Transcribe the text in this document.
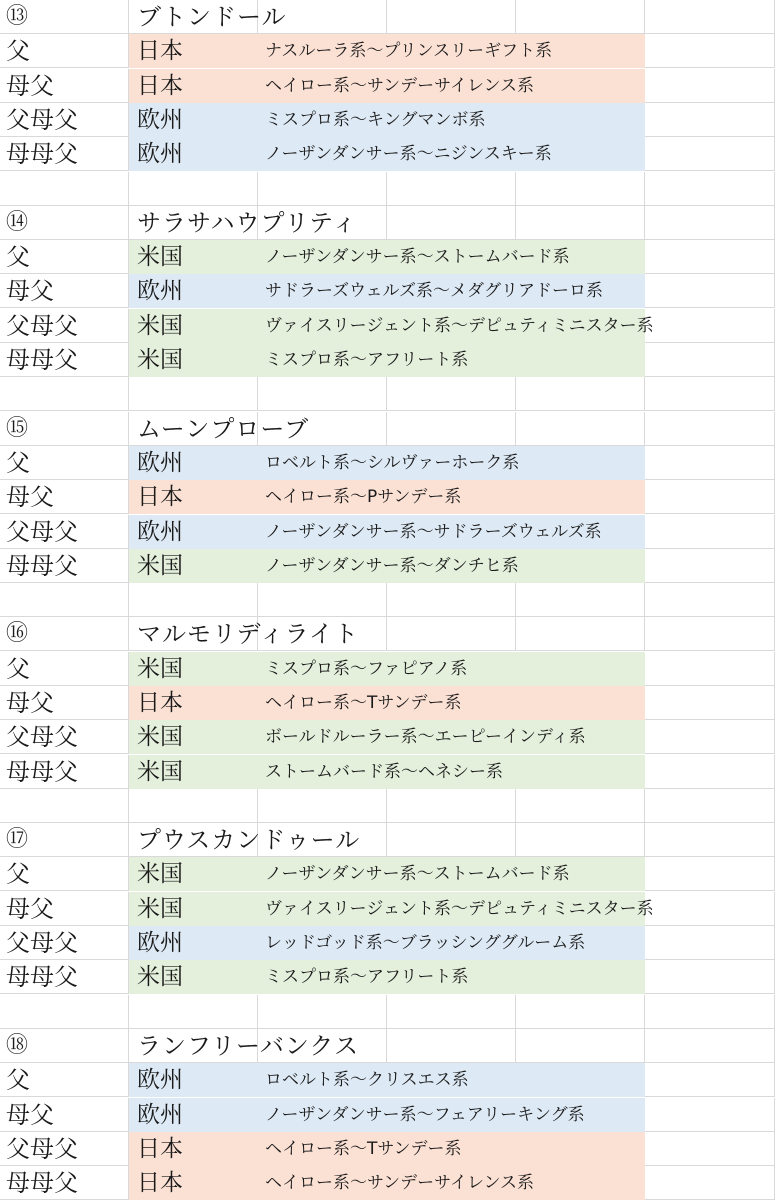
⑬	ブトンドール
父	日本	ナスルーラ系〜プリンスリーギフト系
母父	日本	ヘイロー系〜サンデーサイレンス系
父母父	欧州	ミスプロ系〜キングマンボ系
母母父	欧州	ノーザンダンサー系〜ニジンスキー系
⑭	サラサハウプリティ
父	米国	ノーザンダンサー系〜ストームバード系
母父	欧州	サドラーズウェルズ系〜メダグリアドーロ系
父母父	米国	ヴァイスリージェント系〜デピュティミニスター系
母母父	米国	ミスプロ系〜アフリート系
⑮	ムーンプローブ
父	欧州	ロベルト系〜シルヴァーホーク系
母父	日本	ヘイロー系〜Pサンデー系
父母父	欧州	ノーザンダンサー系〜サドラーズウェルズ系
母母父	米国	ノーザンダンサー系〜ダンチヒ系
⑯	マルモリディライト
父	米国	ミスプロ系〜ファピアノ系
母父	日本	ヘイロー系〜Tサンデー系
父母父	米国	ボールドルーラー系〜エーピーインディ系
母母父	米国	ストームバード系〜ヘネシー系
⑰	プウスカンドゥール
父	米国	ノーザンダンサー系〜ストームバード系
母父	米国	ヴァイスリージェント系〜デピュティミニスター系
父母父	欧州	レッドゴッド系〜ブラッシンググルーム系
母母父	米国	ミスプロ系〜アフリート系
⑱	ランフリーバンクス
父	欧州	ロベルト系〜クリスエス系
母父	欧州	ノーザンダンサー系〜フェアリーキング系
父母父	日本	ヘイロー系〜Tサンデー系
母母父	日本	ヘイロー系〜サンデーサイレンス系
